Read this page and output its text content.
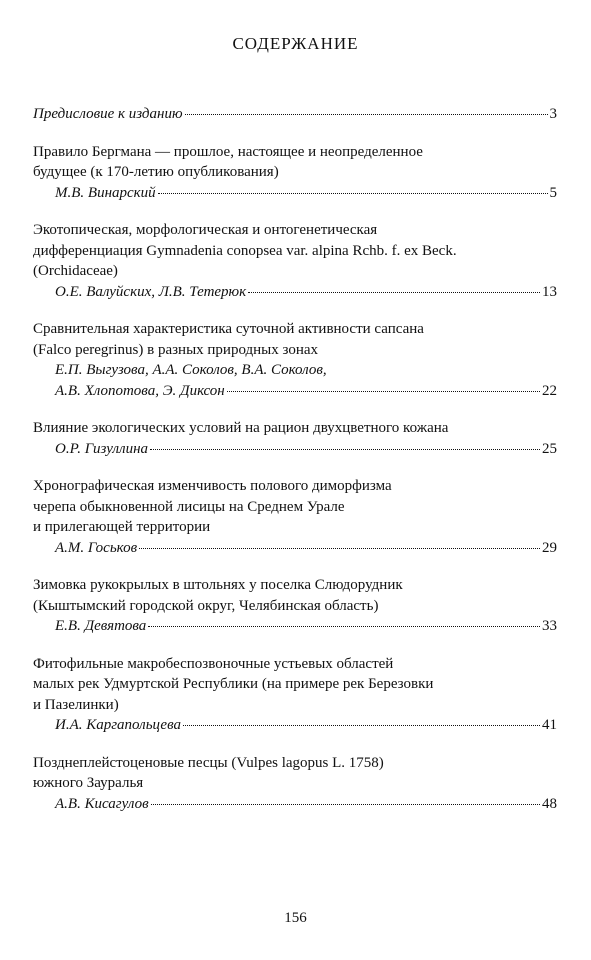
СОДЕРЖАНИЕ
Предисловие к изданию	3
Правило Бергмана — прошлое, настоящее и неопределенное
будущее (к 170-летию опубликования)
М.В. Винарский	5
Экотопическая, морфологическая и онтогенетическая
дифференциация Gymnadenia conopsea var. alpina Rchb. f. ex Beck.
(Orchidaceae)
О.Е. Валуйских, Л.В. Тетерюк	13
Сравнительная характеристика суточной активности сапсана
(Falco peregrinus) в разных природных зонах
Е.П. Выгузова, А.А. Соколов, В.А. Соколов,
А.В. Хлопотова, Э. Диксон	22
Влияние экологических условий на рацион двухцветного кожана
О.Р. Гизуллина	25
Хронографическая изменчивость полового диморфизма
черепа обыкновенной лисицы на Среднем Урале
и прилегающей территории
А.М. Госьков	29
Зимовка рукокрылых в штольнях у поселка Слюдорудник
(Кыштымский городской округ, Челябинская область)
Е.В. Девятова	33
Фитофильные макробеспозвоночные устьевых областей
малых рек Удмуртской Республики (на примере рек Березовки
и Пазелинки)
И.А. Каргапольцева	41
Позднеплейстоценовые песцы (Vulpes lagopus L. 1758)
южного Зауралья
А.В. Кисагулов	48
156
